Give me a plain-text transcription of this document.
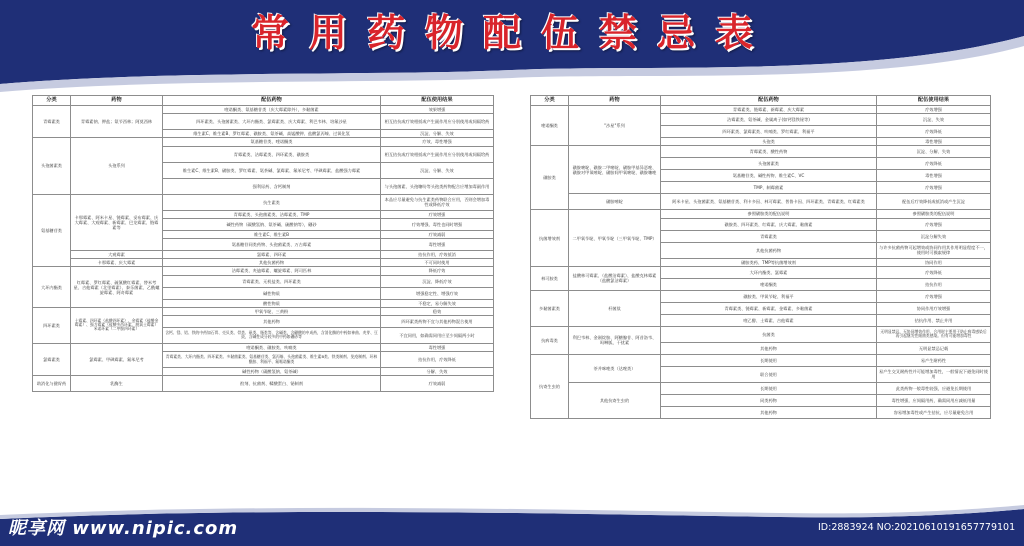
常用药物配伍禁忌表
分类	药物	配伍药物	配伍使用结果
青霉素类	青霉素钠、钾盐；氨苄西林；阿莫西林	喹诺酮类、氨基糖苷类（庆大霉素除外），多黏菌素	效果增强
		四环素类、头孢菌素类、大环内酯类、氯霉素类、庆大霉素、利巴韦林、培氟沙星	相互拮抗或疗效相抵或产生副作用应分别使用或间隔给药
		维生素C、维生素B、罗红霉素、磺胺类、氨茶碱、高锰酸钾、盐酸氯丙嗪、过氧化氢	沉淀、分解、失效
头孢菌素类	头孢系列	氨基糖苷类、喹诺酮类	疗效、毒性增强
		青霉素类、洁霉素类、四环素类、磺胺类	相互拮抗或疗效相抵或产生副作用应分别使用或间隔给药
		维生素C、维生素B、磺胺类、罗红霉素、氨茶碱、氯霉素、氟苯尼考、甲砜霉素、盐酸强力霉素	沉淀、分解、失效
		强利尿药、含钙制剂	与头孢菌素、头孢噻吩等头孢类药物配合应增加毒副作用
氨基糖苷类	卡那霉素、阿米卡星、链霉素、妥布霉素、庆大霉素、大观霉素、新霉素、巴龙霉素、链霉素等	抗生素类	本品应尽量避免与抗生素类药物联合应用，否则会增加毒性或降低疗效
		青霉素类、头孢菌素类、洁霉素类、TMP	疗效增强
		碱性药物（碳酸氢钠、氨茶碱、硫酸钠等），硼砂	疗效增强、毒性也同时增强
		维生素C、维生素B	疗效减弱
		氨基糖苷同类药物、头孢菌素类、万古霉素	毒性增强
	大观霉素	氯霉素、四环素	拮抗作用，疗效抵消
	卡那霉素、庆大霉素	其他抗菌药物	不可同时使用
大环内酯类	红霉素、罗红霉素、硫氰酸红霉素、替米考星、吉他霉素（北里霉素）、泰乐菌素、乙酰螺旋霉素、阿奇霉素	洁霉素类、麦迪霉素、螺旋霉素、阿司匹林	降低疗效
		青霉素类、无机盐类、四环素类	沉淀、降低疗效
		碱性物质	增强稳定性、增强疗效
		酸性物质	不稳定，易分解失效
四环素类	土霉素、四环素（盐酸四环素）、金霉素（盐酸金霉素）、强力霉素（盐酸多西环素、脱氧土霉素）米诺环素（二甲胺四环素）	甲氧苄啶、三黄粉	稳效
		其他药物	四环素类药物不宜与其他药物混合使用
		含钙、镁、铝、铁的中药如石膏、壳贝类、骨类、矾类、脂类等，含碱类，含硼酸的中成药，含消化酶的中药如神曲、麦芽、豆豉，含碱性成分较多的中药如硼砂等	不宜同用，如确需同用应至少间隔两小时
氯霉素类	氯霉素、甲砜霉素、氟苯尼考	喹诺酮类、磺胺类、呋喃类	毒性增强
		青霉素类、大环内酯类、四环素类、多黏菌素类、氨基糖苷类、氯丙嗪、头孢菌素类、维生素B类、铁类制剂、免疫制剂、环林酰胺、利福平、氟哌诺酮类	拮抗作用，疗效降低
		碱性药物（碳酸氢钠、氨茶碱）	分解、失效
助消化与健胃药	乳酶生	酊剂、抗菌剂、鞣酸蛋白、铋制剂	疗效减弱
分类	药物	配伍药物	配伍使用结果
喹诺酮类	"沙星"系列	青霉素类、链霉素、新霉素、庆大霉素	疗效增强
		洁霉素类、氨茶碱、金属离子(如钙镁铁铋等)	沉淀、失效
		四环素类、氯霉素类、呋喃类、罗红霉素、利福平	疗效降低
		头孢类	毒性增强
磺胺类	磺胺嘧啶、磺胺二甲嘧啶、磺胺甲基异恶唑、磺胺对甲氧嘧啶、磺胺间甲氧嘧啶、磺胺噻唑	青霉素类、酸性药物	沉淀、分解、失效
		头孢菌素类	疗效降低
		氨基糖苷类、碱性药物、维生素C、VC	毒性增强
		TMP、制霉菌素	疗效增强
	磺胺嘧啶	阿米卡星、头孢菌素类、氨基糖苷类、利卡多因、林可霉素、普鲁卡因、四环素类、青霉素类、红霉素类	配伍后疗效降低或抵消或产生沉淀
抗菌增效剂	二甲氧苄啶、甲氧苄啶（三甲氧苄啶、TMP）	参照磺胺类的配伍说明	参照磺胺类的配伍说明
		磺胺类、四环素类、红霉素、庆大霉素、黏菌素	疗效增强
		青霉素类	沉淀分解失效
		其他抗菌药物	与许多抗菌药物可起增效或协同作用其作用明显程度不一，使用时可摸索规律
		磺胺类药、TMP等抗菌增效剂	协同作用
林可胺类	盐酸林可霉素、（盐酸洁霉素）、盐酸克林霉素（盐酸氯洁霉素）	大环内酯类、氯霉素	疗效降低
		喹诺酮类	拮抗作用
多黏菌素类	杆菌肽	磺胺类、甲氧苄啶、利福平	疗效增强
		青霉素类、链霉素、新霉素、金霉素、多黏菌素	协同作用疗效增强
		喹乙醇、土霉素、吉他霉素	拮抗作用、禁止并用
抗病毒类	利巴韦林、金刚烷胺、阿糖腺苷、阿昔洛韦、吗啉胍、干扰素	抗菌类	无明显禁忌，无协同增效作用，合用时主要用于防止病毒感染后再引起继发性细菌类感染。但有可能增加毒性
		其他药物	无明显禁忌记载
抗寄生虫的	茶并咪唑类（达唑类）	长期使用	易产生耐药性
		联合使用	易产生交叉耐药性并可能增加毒性，一般情况下避免同时使用
	其他抗寄生虫的	长期使用	此类药物一般毒性较强，应避免长期使用
		同类药物	毒性增强，应间隔用药，确需同用应减低用量
		其他药物	容易增加毒性或产生拮抗，应尽量避免合用
昵享网 www.nipic.com	ID:2883924 NO:20210610191657779101
